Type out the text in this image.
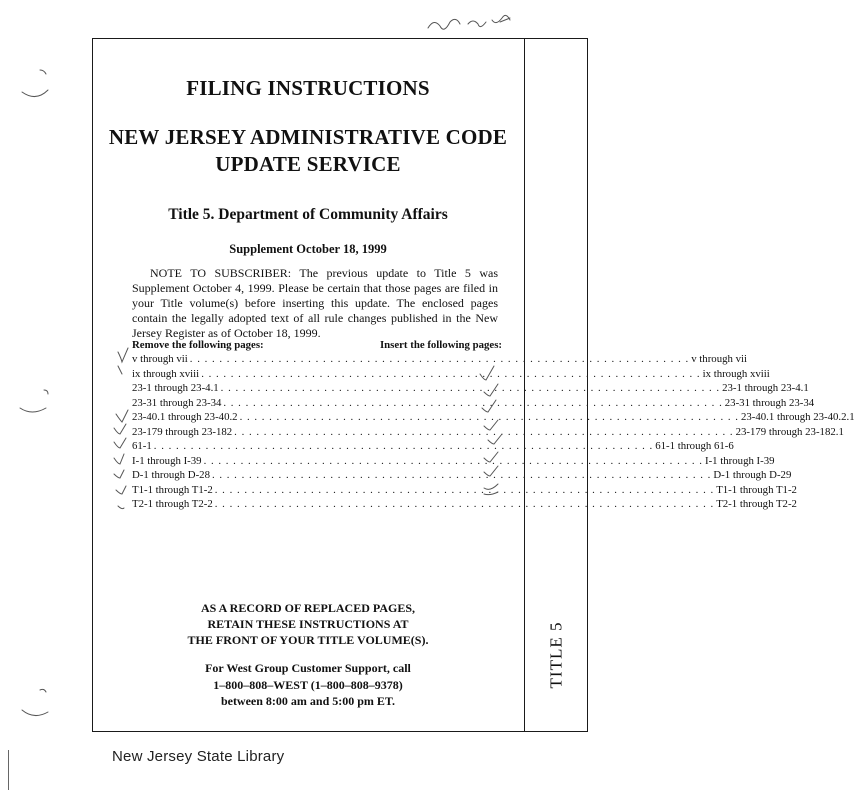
FILING INSTRUCTIONS
NEW JERSEY ADMINISTRATIVE CODE
UPDATE SERVICE
Title 5. Department of Community Affairs
Supplement October 18, 1999
NOTE TO SUBSCRIBER: The previous update to Title 5 was Supplement October 4, 1999. Please be certain that those pages are filed in your Title volume(s) before inserting this update. The enclosed pages contain the legally adopted text of all rule changes published in the New Jersey Register as of October 18, 1999.
Remove the following pages:	Insert the following pages:
v through vii . . . . . . . . . . . . . . . . . . . . . . . . . . . . . . . . . . . . . . . . . . . . . . . . . . . . . . . . . . . . . . . . . . . . v through vii
ix through xviii . . . . . . . . . . . . . . . . . . . . . . . . . . . . . . . . . . . . . . . . . . . . . . . . . . . . . . . . . . . . . . . . . . . . ix through xviii
23-1 through 23-4.1 . . . . . . . . . . . . . . . . . . . . . . . . . . . . . . . . . . . . . . . . . . . . . . . . . . . . . . . . . . . . . . . . . . . . 23-1 through 23-4.1
23-31 through 23-34 . . . . . . . . . . . . . . . . . . . . . . . . . . . . . . . . . . . . . . . . . . . . . . . . . . . . . . . . . . . . . . . . . . . . 23-31 through 23-34
23-40.1 through 23-40.2 . . . . . . . . . . . . . . . . . . . . . . . . . . . . . . . . . . . . . . . . . . . . . . . . . . . . . . . . . . . . . . . . . . . . 23-40.1 through 23-40.2.1
23-179 through 23-182 . . . . . . . . . . . . . . . . . . . . . . . . . . . . . . . . . . . . . . . . . . . . . . . . . . . . . . . . . . . . . . . . . . . . 23-179 through 23-182.1
61-1 . . . . . . . . . . . . . . . . . . . . . . . . . . . . . . . . . . . . . . . . . . . . . . . . . . . . . . . . . . . . . . . . . . . . 61-1 through 61-6
I-1 through I-39 . . . . . . . . . . . . . . . . . . . . . . . . . . . . . . . . . . . . . . . . . . . . . . . . . . . . . . . . . . . . . . . . . . . . I-1 through I-39
D-1 through D-28 . . . . . . . . . . . . . . . . . . . . . . . . . . . . . . . . . . . . . . . . . . . . . . . . . . . . . . . . . . . . . . . . . . . . D-1 through D-29
T1-1 through T1-2 . . . . . . . . . . . . . . . . . . . . . . . . . . . . . . . . . . . . . . . . . . . . . . . . . . . . . . . . . . . . . . . . . . . . T1-1 through T1-2
T2-1 through T2-2 . . . . . . . . . . . . . . . . . . . . . . . . . . . . . . . . . . . . . . . . . . . . . . . . . . . . . . . . . . . . . . . . . . . . T2-1 through T2-2
AS A RECORD OF REPLACED PAGES,
RETAIN THESE INSTRUCTIONS AT
THE FRONT OF YOUR TITLE VOLUME(S).
For West Group Customer Support, call
1–800–808–WEST (1–800–808–9378)
between 8:00 am and 5:00 pm ET.
TITLE 5
New Jersey State Library
